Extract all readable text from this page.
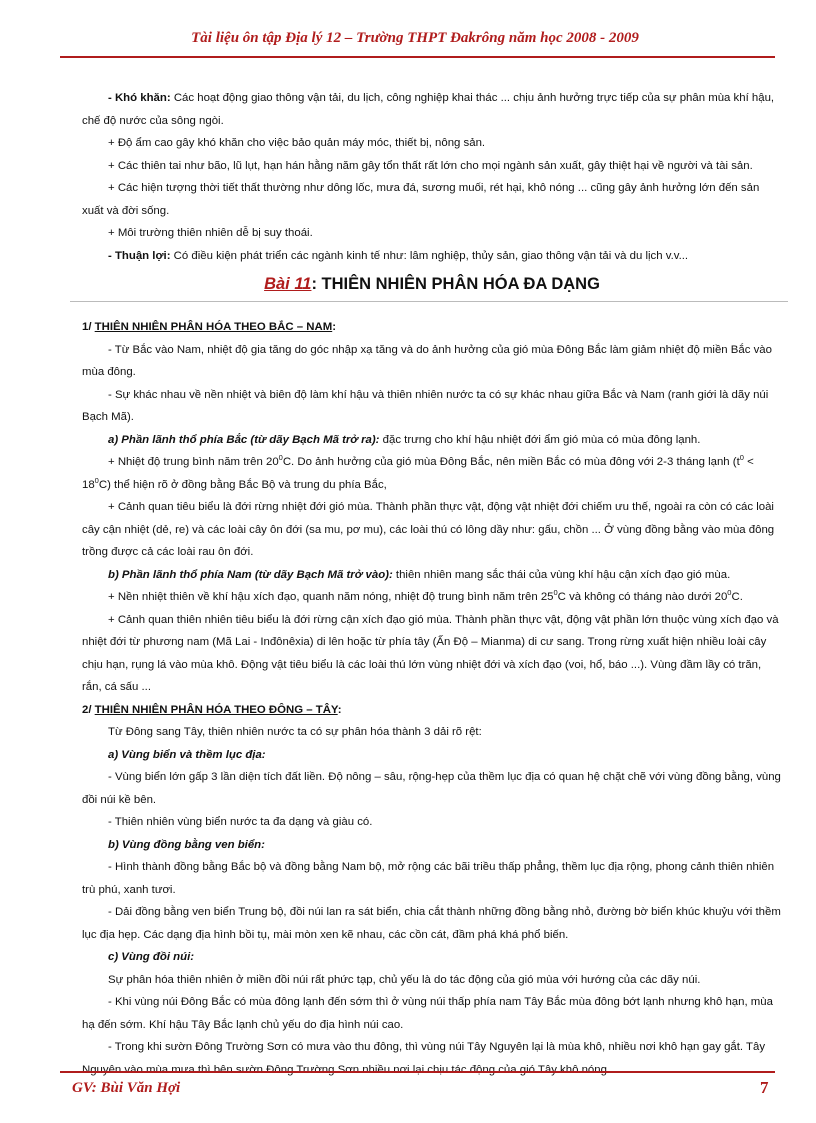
Tài liệu ôn tập Địa lý 12 – Trường THPT Đakrông năm học 2008 - 2009

- Khó khăn: Các hoạt động giao thông vận tải, du lịch, công nghiệp khai thác ... chịu ảnh hưởng trực tiếp của sự phân mùa khí hậu, chế độ nước của sông ngòi.

+ Độ ẩm cao gây khó khăn cho việc bảo quản máy móc, thiết bị, nông sản.

+ Các thiên tai như bão, lũ lụt, hạn hán hằng năm gây tổn thất rất lớn cho mọi ngành sản xuất, gây thiệt hại về người và tài sản.

+ Các hiện tượng thời tiết thất thường như dông lốc, mưa đá, sương muối, rét hại, khô nóng ... cũng gây ảnh hưởng lớn đến sản xuất và đời sống.

+ Môi trường thiên nhiên dễ bị suy thoái.

- Thuận lợi: Có điều kiện phát triển các ngành kinh tế như: lâm nghiệp, thủy sản, giao thông vận tải và du lịch v.v...

Bài 11: THIÊN NHIÊN PHÂN HÓA ĐA DẠNG

1/ THIÊN NHIÊN PHÂN HÓA THEO BẮC – NAM:

- Từ Bắc vào Nam, nhiệt độ gia tăng do góc nhập xạ tăng và do ảnh hưởng của gió mùa Đông Bắc làm giảm nhiệt độ miền Bắc vào mùa đông.

- Sự khác nhau về nền nhiệt và biên độ làm khí hậu và thiên nhiên nước ta có sự khác nhau giữa Bắc và Nam (ranh giới là dãy núi Bạch Mã).

a) Phần lãnh thổ phía Bắc (từ dãy Bạch Mã trở ra): đặc trưng cho khí hậu nhiệt đới ẩm gió mùa có mùa đông lạnh.

+ Nhiệt độ trung bình năm trên $20^0C$. Do ảnh hưởng của gió mùa Đông Bắc, nên miền Bắc có mùa đông với 2-3 tháng lạnh $(t^0 < 18^0C)$ thể hiện rõ ở đồng bằng Bắc Bộ và trung du phía Bắc,

+ Cảnh quan tiêu biểu là đới rừng nhiệt đới gió mùa. Thành phần thực vật, động vật nhiệt đới chiếm ưu thế, ngoài ra còn có các loài cây cận nhiệt (dẻ, re) và các loài cây ôn đới (sa mu, pơ mu), các loài thú có lông dầy như: gấu, chồn ... Ở vùng đồng bằng vào mùa đông trồng được cả các loài rau ôn đới.

b) Phần lãnh thổ phía Nam (từ dãy Bạch Mã trở vào): thiên nhiên mang sắc thái của vùng khí hậu cận xích đạo gió mùa.

+ Nền nhiệt thiên về khí hậu xích đạo, quanh năm nóng, nhiệt độ trung bình năm trên $25^0C$ và không có tháng nào dưới $20^0C$.

+ Cảnh quan thiên nhiên tiêu biểu là đới rừng cận xích đạo gió mùa. Thành phần thực vật, động vật phần lớn thuộc vùng xích đạo và nhiệt đới từ phương nam (Mã Lai - Inđônêxia) di lên hoặc từ phía tây (Ấn Độ – Mianma) di cư sang. Trong rừng xuất hiện nhiều loài cây chịu hạn, rụng lá vào mùa khô. Động vật tiêu biểu là các loài thú lớn vùng nhiệt đới và xích đạo (voi, hổ, báo ...). Vùng đầm lầy có trăn, rắn, cá sấu ...

2/ THIÊN NHIÊN PHÂN HÓA THEO ĐÔNG – TÂY:

Từ Đông sang Tây, thiên nhiên nước ta có sự phân hóa thành 3 dải rõ rệt:

a) Vùng biển và thềm lục địa:

- Vùng biển lớn gấp 3 lần diện tích đất liền. Độ nông – sâu, rộng-hẹp của thềm lục địa có quan hệ chặt chẽ với vùng đồng bằng, vùng đồi núi kề bên.

- Thiên nhiên vùng biển nước ta đa dạng và giàu có.

b) Vùng đồng bằng ven biển:

- Hình thành đồng bằng Bắc bộ và đồng bằng Nam bộ, mở rộng các bãi triều thấp phẳng, thềm lục địa rộng, phong cảnh thiên nhiên trù phú, xanh tươi.

- Dải đồng bằng ven biển Trung bộ, đồi núi lan ra sát biển, chia cắt thành những đồng bằng nhỏ, đường bờ biển khúc khuỷu với thềm lục địa hẹp. Các dạng địa hình bồi tụ, mài mòn xen kẽ nhau, các cồn cát, đầm phá khá phổ biến.

c) Vùng đồi núi:

Sự phân hóa thiên nhiên ở miền đồi núi rất phức tạp, chủ yếu là do tác động của gió mùa với hướng của các dãy núi.

- Khi vùng núi Đông Bắc có mùa đông lạnh đến sớm thì ở vùng núi thấp phía nam Tây Bắc mùa đông bớt lạnh nhưng khô hạn, mùa hạ đến sớm. Khí hậu Tây Bắc lạnh chủ yếu do địa hình núi cao.

- Trong khi sườn Đông Trường Sơn có mưa vào thu đông, thì vùng núi Tây Nguyên lại là mùa khô, nhiều nơi khô hạn gay gắt. Tây Nguyên vào mùa mưa thì bên sườn Đông Trường Sơn nhiều nơi lại chịu tác động của gió Tây khô nóng.

GV: Bùi Văn Hợi	7
